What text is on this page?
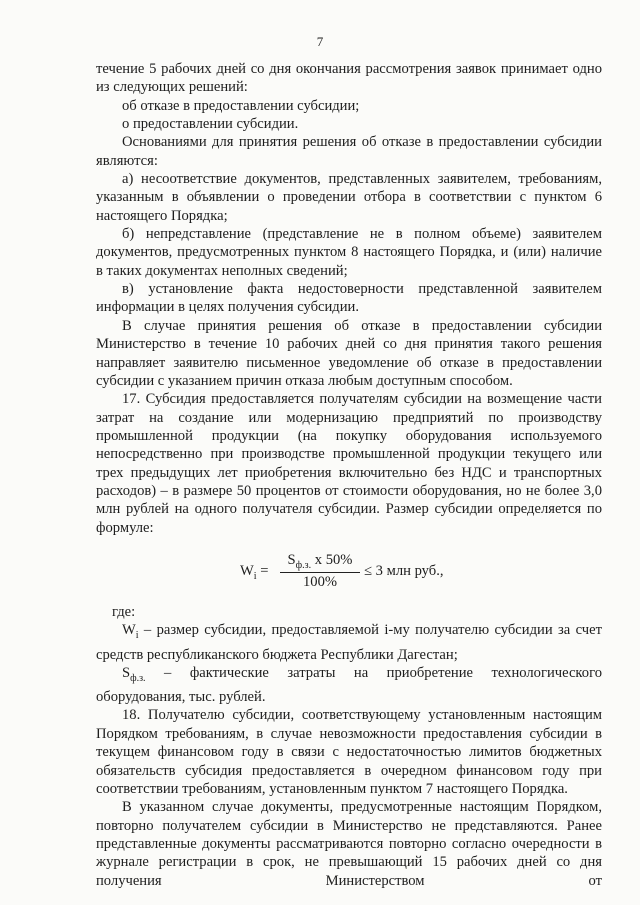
7

течение 5 рабочих дней со дня окончания рассмотрения заявок принимает одно из следующих решений:

об отказе в предоставлении субсидии;

о предоставлении субсидии.

Основаниями для принятия решения об отказе в предоставлении субсидии являются:

а) несоответствие документов, представленных заявителем, требованиям, указанным в объявлении о проведении отбора в соответствии с пунктом 6 настоящего Порядка;

б) непредставление (представление не в полном объеме) заявителем документов, предусмотренных пунктом 8 настоящего Порядка, и (или) наличие в таких документах неполных сведений;

в) установление факта недостоверности представленной заявителем информации в целях получения субсидии.

В случае принятия решения об отказе в предоставлении субсидии Министерство в течение 10 рабочих дней со дня принятия такого решения направляет заявителю письменное уведомление об отказе в предоставлении субсидии с указанием причин отказа любым доступным способом.

17. Субсидия предоставляется получателям субсидии на возмещение части затрат на создание или модернизацию предприятий по производству промышленной продукции (на покупку оборудования используемого непосредственно при производстве промышленной продукции текущего или трех предыдущих лет приобретения включительно без НДС и транспортных расходов) – в размере 50 процентов от стоимости оборудования, но не более 3,0 млн рублей на одного получателя субсидии. Размер субсидии определяется по формуле:

$W_i$ =
$S_{ф.з.}$ х 50%
100%
≤ 3 млн руб.,

где:

$W_i$ – размер субсидии, предоставляемой i-му получателю субсидии за счет средств республиканского бюджета Республики Дагестан;

$S_{ф.з.}$ – фактические затраты на приобретение технологического оборудования, тыс. рублей.

18. Получателю субсидии, соответствующему установленным настоящим Порядком требованиям, в случае невозможности предоставления субсидии в текущем финансовом году в связи с недостаточностью лимитов бюджетных обязательств субсидия предоставляется в очередном финансовом году при соответствии требованиям, установленным пунктом 7 настоящего Порядка.

В указанном случае документы, предусмотренные настоящим Порядком, повторно получателем субсидии в Министерство не представляются. Ранее представленные документы рассматриваются повторно согласно очередности в журнале регистрации в срок, не превышающий 15 рабочих дней со дня получения Министерством от
